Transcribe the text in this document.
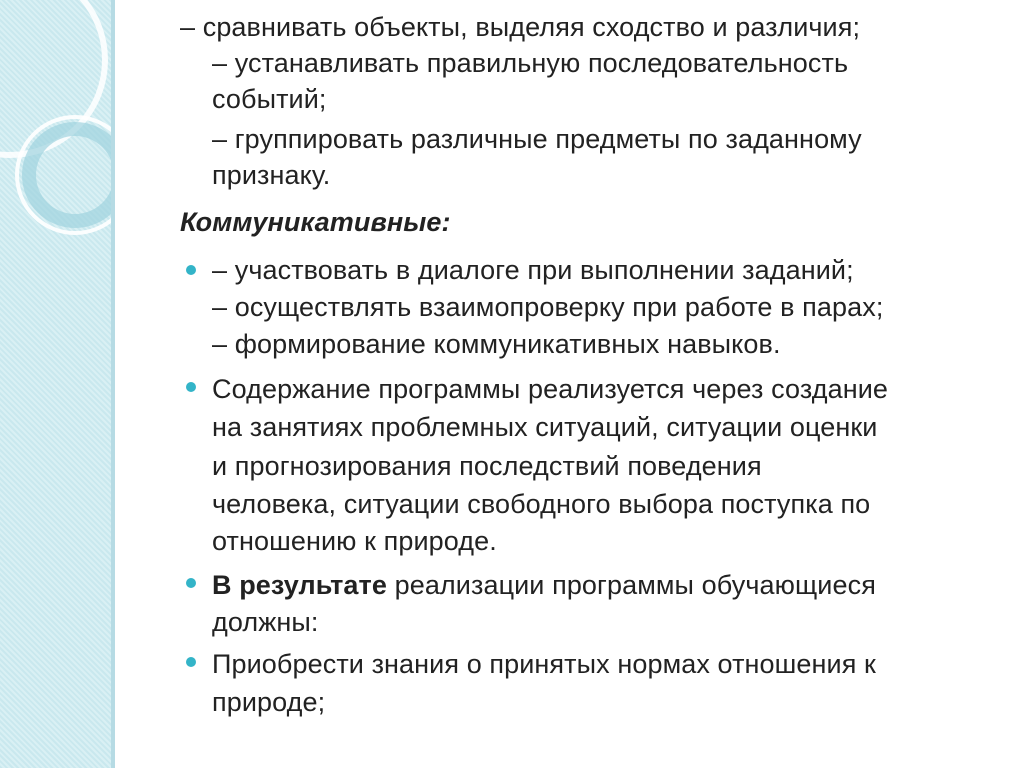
– сравнивать объекты, выделяя сходство и различия;
– устанавливать правильную последовательность
событий;
– группировать различные предметы по заданному
признаку.
Коммуникативные:
– участвовать в диалоге при выполнении заданий;
– осуществлять взаимопроверку при работе в парах;
– формирование коммуникативных навыков.
Содержание программы реализуется через создание
на занятиях проблемных ситуаций, ситуации оценки
и прогнозирования последствий поведения
человека, ситуации свободного выбора поступка по
отношению к природе.
В результате реализации программы обучающиеся
должны:
Приобрести знания о принятых нормах отношения к
природе;
